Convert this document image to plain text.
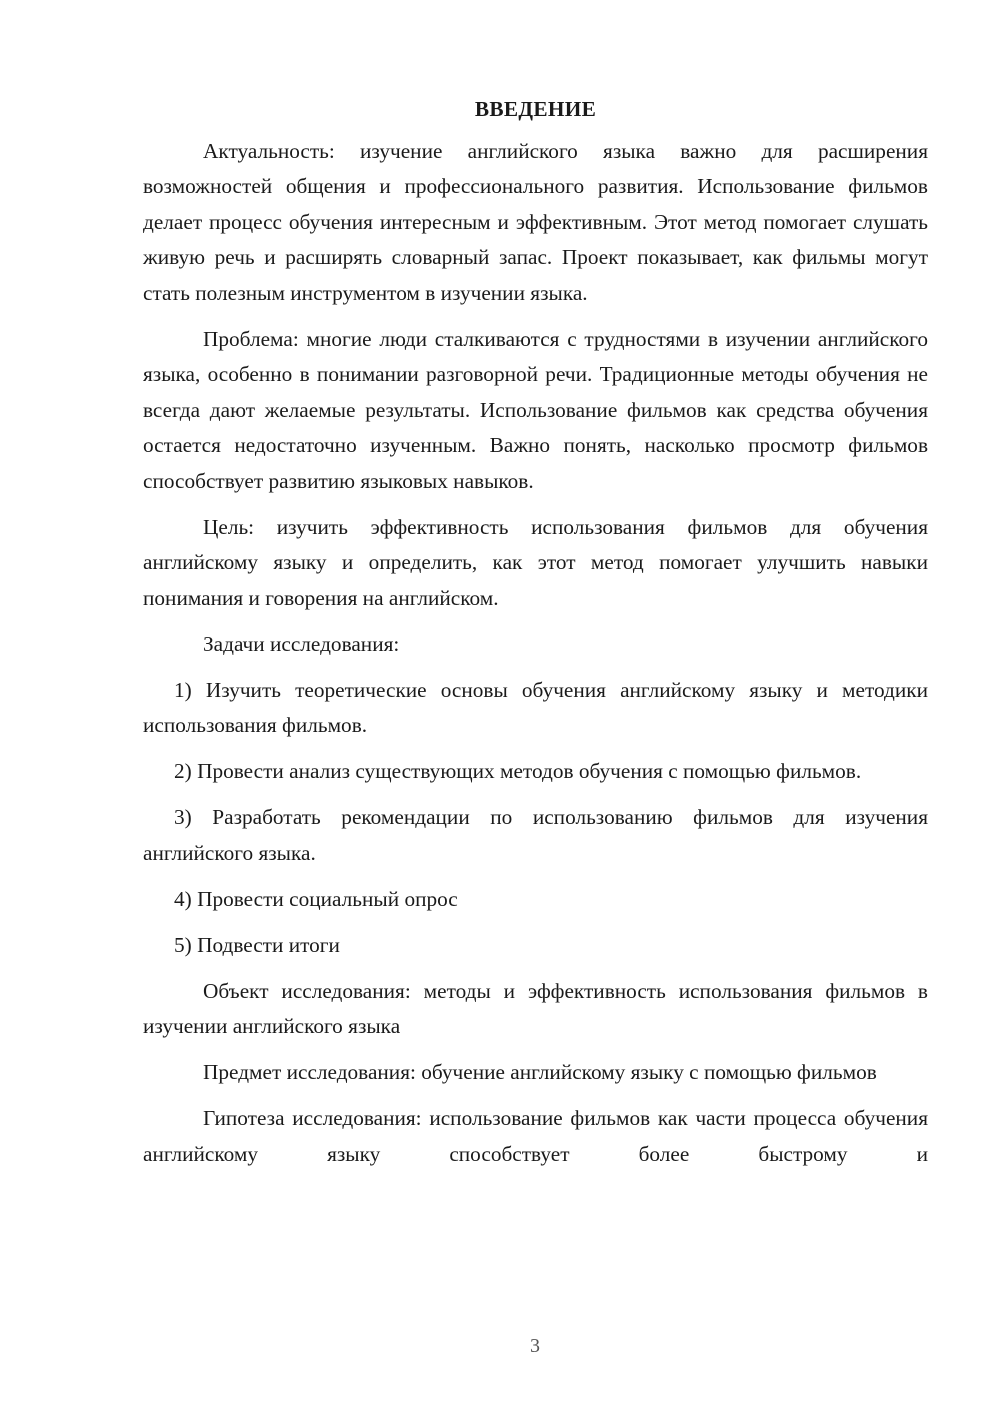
ВВЕДЕНИЕ

Актуальность: изучение английского языка важно для расширения возможностей общения и профессионального развития. Использование фильмов делает процесс обучения интересным и эффективным. Этот метод помогает слушать живую речь и расширять словарный запас. Проект показывает, как фильмы могут стать полезным инструментом в изучении языка.

Проблема: многие люди сталкиваются с трудностями в изучении английского языка, особенно в понимании разговорной речи. Традиционные методы обучения не всегда дают желаемые результаты. Использование фильмов как средства обучения остается недостаточно изученным. Важно понять, насколько просмотр фильмов способствует развитию языковых навыков.

Цель: изучить эффективность использования фильмов для обучения английскому языку и определить, как этот метод помогает улучшить навыки понимания и говорения на английском.

Задачи исследования:

1) Изучить теоретические основы обучения английскому языку и методики использования фильмов.

2) Провести анализ существующих методов обучения с помощью фильмов.

3) Разработать рекомендации по использованию фильмов для изучения английского языка.

4) Провести социальный опрос

5) Подвести итоги

Объект исследования: методы и эффективность использования фильмов в изучении английского языка

Предмет исследования: обучение английскому языку с помощью фильмов

Гипотеза исследования: использование фильмов как части процесса обучения английскому языку способствует более быстрому и

3
